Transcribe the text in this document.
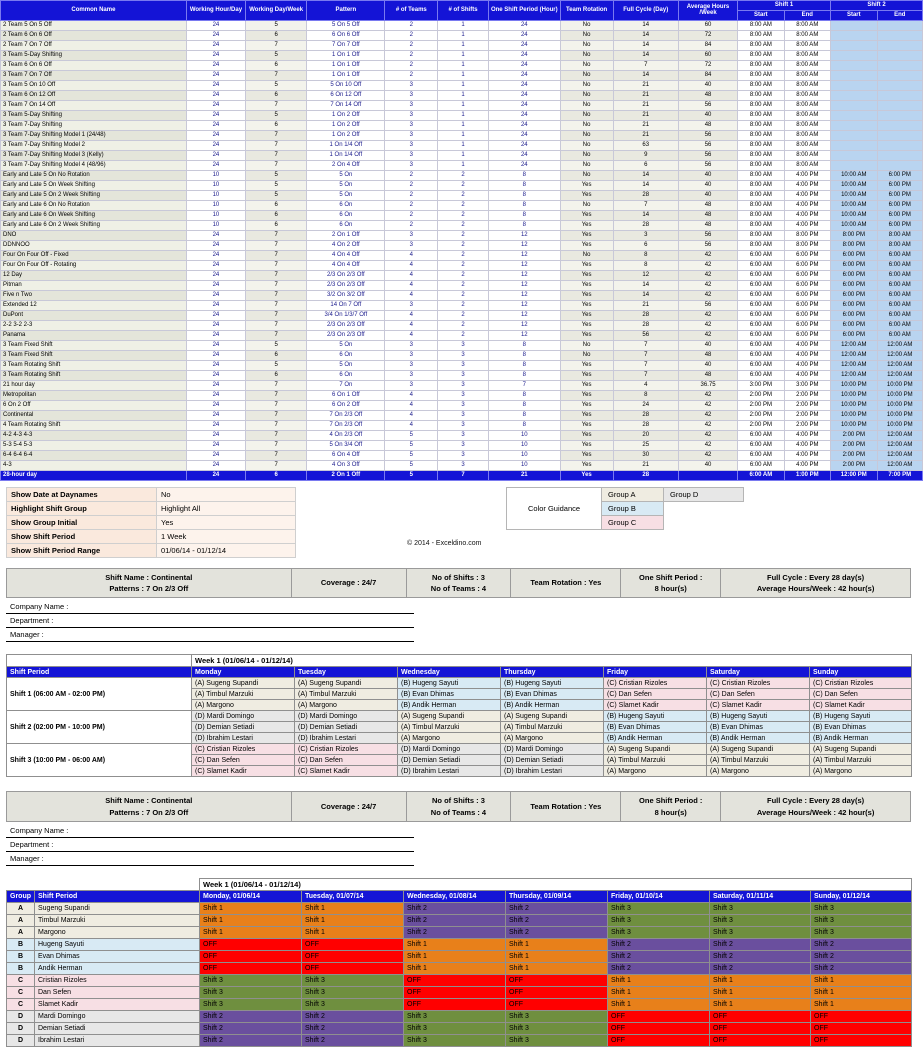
Common Name	Working Hour/Day	Working Day/Week	Pattern	# of Teams	# of Shifts	One Shift Period (Hour)	Team Rotation	Full Cycle (Day)	Average Hours /Week	Shift 1		Shift 2	
										Start	End	Start	End
2 Team 5 On 5 Off	24	5	5 On 5 Off	2	1	24	No	14	60	8:00 AM	8:00 AM		
2 Team 6 On 6 Off	24	6	6 On 6 Off	2	1	24	No	14	72	8:00 AM	8:00 AM		
2 Team 7 On 7 Off	24	7	7 On 7 Off	2	1	24	No	14	84	8:00 AM	8:00 AM		
3 Team 5-Day Shifting	24	5	1 On 1 Off	2	1	24	No	14	60	8:00 AM	8:00 AM		
3 Team 6 On 6 Off	24	6	1 On 1 Off	2	1	24	No	7	72	8:00 AM	8:00 AM		
3 Team 7 On 7 Off	24	7	1 On 1 Off	2	1	24	No	14	84	8:00 AM	8:00 AM		
3 Team 5 On 10 Off	24	5	5 On 10 Off	3	1	24	No	21	40	8:00 AM	8:00 AM		
3 Team 6 On 12 Off	24	6	6 On 12 Off	3	1	24	No	21	48	8:00 AM	8:00 AM		
3 Team 7 On 14 Off	24	7	7 On 14 Off	3	1	24	No	21	56	8:00 AM	8:00 AM		
3 Team 5-Day Shifting	24	5	1 On 2 Off	3	1	24	No	21	40	8:00 AM	8:00 AM		
3 Team 7-Day Shifting	24	6	1 On 2 Off	3	1	24	No	21	48	8:00 AM	8:00 AM		
3 Team 7-Day Shifting Model 1 (24/48)	24	7	1 On 2 Off	3	1	24	No	21	56	8:00 AM	8:00 AM		
3 Team 7-Day Shifting Model 2	24	7	1 On 1/4 Off	3	1	24	No	63	56	8:00 AM	8:00 AM		
3 Team 7-Day Shifting Model 3 (Kelly)	24	7	1 On 1/4 Off	3	1	24	No	9	56	8:00 AM	8:00 AM		
3 Team 7-Day Shifting Model 4 (48/96)	24	7	2 On 4 Off	3	1	24	No	6	56	8:00 AM	8:00 AM		
Early and Late 5 On No Rotation	10	5	5 On	2	2	8	No	14	40	8:00 AM	4:00 PM	10:00 AM	6:00 PM
Early and Late 5 On Week Shifting	10	5	5 On	2	2	8	Yes	14	40	8:00 AM	4:00 PM	10:00 AM	6:00 PM
Early and Late 5 On 2 Week Shifting	10	5	5 On	2	2	8	Yes	28	40	8:00 AM	4:00 PM	10:00 AM	6:00 PM
Early and Late 6 On No Rotation	10	6	6 On	2	2	8	No	7	48	8:00 AM	4:00 PM	10:00 AM	6:00 PM
Early and Late 6 On Week Shifting	10	6	6 On	2	2	8	Yes	14	48	8:00 AM	4:00 PM	10:00 AM	6:00 PM
Early and Late 6 On 2 Week Shifting	10	6	6 On	2	2	8	Yes	28	48	8:00 AM	4:00 PM	10:00 AM	6:00 PM
DNO	24	7	2 On 1 Off	3	2	12	Yes	3	56	8:00 AM	8:00 PM	8:00 PM	8:00 AM
DDNNOO	24	7	4 On 2 Off	3	2	12	Yes	6	56	8:00 AM	8:00 PM	8:00 PM	8:00 AM
Four On Four Off - Fixed	24	7	4 On 4 Off	4	2	12	No	8	42	6:00 AM	6:00 PM	6:00 PM	6:00 AM
Four On Four Off - Rotating	24	7	4 On 4 Off	4	2	12	Yes	8	42	6:00 AM	6:00 PM	6:00 PM	6:00 AM
12 Day	24	7	2/3 On 2/3 Off	4	2	12	Yes	12	42	6:00 AM	6:00 PM	6:00 PM	6:00 AM
Pitman	24	7	2/3 On 2/3 Off	4	2	12	Yes	14	42	6:00 AM	6:00 PM	6:00 PM	6:00 AM
Five n Two	24	7	3/2 On 3/2 Off	4	2	12	Yes	14	42	6:00 AM	6:00 PM	6:00 PM	6:00 AM
Extended 12	24	7	14 On 7 Off	3	2	12	Yes	21	56	6:00 AM	6:00 PM	6:00 PM	6:00 AM
DuPont	24	7	3/4 On 1/3/7 Off	4	2	12	Yes	28	42	6:00 AM	6:00 PM	6:00 PM	6:00 AM
2-2 3-2 2-3	24	7	2/3 On 2/3 Off	4	2	12	Yes	28	42	6:00 AM	6:00 PM	6:00 PM	6:00 AM
Panama	24	7	2/3 On 2/3 Off	4	2	12	Yes	56	42	6:00 AM	6:00 PM	6:00 PM	6:00 AM
3 Team Fixed Shift	24	5	5 On	3	3	8	No	7	40	6:00 AM	4:00 PM	12:00 AM	12:00 AM
3 Team Fixed Shift	24	6	6 On	3	3	8	No	7	48	6:00 AM	4:00 PM	12:00 AM	12:00 AM
3 Team Rotating Shift	24	5	5 On	3	3	8	Yes	7	40	6:00 AM	4:00 PM	12:00 AM	12:00 AM
3 Team Rotating Shift	24	6	6 On	3	3	8	Yes	7	48	6:00 AM	4:00 PM	12:00 AM	12:00 AM
21 hour day	24	7	7 On	3	3	7	Yes	4	36.75	3:00 PM	3:00 PM	10:00 PM	10:00 PM
Metropolitan	24	7	6 On 1 Off	4	3	8	Yes	8	42	2:00 PM	2:00 PM	10:00 PM	10:00 PM
6 On 2 Off	24	7	6 On 2 Off	4	3	8	Yes	24	42	2:00 PM	2:00 PM	10:00 PM	10:00 PM
Continental	24	7	7 On 2/3 Off	4	3	8	Yes	28	42	2:00 PM	2:00 PM	10:00 PM	10:00 PM
4 Team Rotating Shift	24	7	7 On 2/3 Off	4	3	8	Yes	28	42	2:00 PM	2:00 PM	10:00 PM	10:00 PM
4-2 4-3 4-3	24	7	4 On 2/3 Off	5	3	10	Yes	20	42	6:00 AM	4:00 PM	2:00 PM	12:00 AM
5-3 5-4 5-3	24	7	5 On 3/4 Off	5	3	10	Yes	25	42	6:00 AM	4:00 PM	2:00 PM	12:00 AM
6-4 6-4 6-4	24	7	6 On 4 Off	5	3	10	Yes	30	42	6:00 AM	4:00 PM	2:00 PM	12:00 AM
4-3	24	7	4 On 3 Off	5	3	10	Yes	21	40	6:00 AM	4:00 PM	2:00 PM	12:00 AM
28-hour day	24	6	2 On 1 Off	5	7	21	Yes	28		6:00 AM	1:00 PM	12:00 PM	7:00 PM
Show Date at Daynames	No
Highlight Shift Group	Highlight All
Show Group Initial	Yes
Show Shift Period	1 Week
Show Shift Period Range	01/06/14 - 01/12/14
Color Guidance	Group A	Group D
	Group B	
	Group C	
© 2014 - Exceldino.com
Shift Name : Continental
Patterns : 7 On 2/3 Off	Coverage : 24/7	No of Shifts : 3
No of Teams : 4	Team Rotation : Yes	One Shift Period :
8 hour(s)	Full Cycle : Every 28 day(s)
Average Hours/Week : 42 hour(s)
Company Name :		
Department :		
Manager :		
	Week 1 (01/06/14 - 01/12/14)						
Shift Period	Monday	Tuesday	Wednesday	Thursday	Friday	Saturday	Sunday
Shift 1 (06:00 AM - 02:00 PM)	(A) Sugeng Supandi	(A) Sugeng Supandi	(B) Hugeng Sayuti	(B) Hugeng Sayuti	(C) Cristian Rizoles	(C) Cristian Rizoles	(C) Cristian Rizoles
	(A) Timbul Marzuki	(A) Timbul Marzuki	(B) Evan Dhimas	(B) Evan Dhimas	(C) Dan Sefen	(C) Dan Sefen	(C) Dan Sefen
	(A) Margono	(A) Margono	(B) Andik Herman	(B) Andik Herman	(C) Slamet Kadir	(C) Slamet Kadir	(C) Slamet Kadir
Shift 2 (02:00 PM - 10:00 PM)	(D) Mardi Domingo	(D) Mardi Domingo	(A) Sugeng Supandi	(A) Sugeng Supandi	(B) Hugeng Sayuti	(B) Hugeng Sayuti	(B) Hugeng Sayuti
	(D) Demian Setiadi	(D) Demian Setiadi	(A) Timbul Marzuki	(A) Timbul Marzuki	(B) Evan Dhimas	(B) Evan Dhimas	(B) Evan Dhimas
	(D) Ibrahim Lestari	(D) Ibrahim Lestari	(A) Margono	(A) Margono	(B) Andik Herman	(B) Andik Herman	(B) Andik Herman
Shift 3 (10:00 PM - 06:00 AM)	(C) Cristian Rizoles	(C) Cristian Rizoles	(D) Mardi Domingo	(D) Mardi Domingo	(A) Sugeng Supandi	(A) Sugeng Supandi	(A) Sugeng Supandi
	(C) Dan Sefen	(C) Dan Sefen	(D) Demian Setiadi	(D) Demian Setiadi	(A) Timbul Marzuki	(A) Timbul Marzuki	(A) Timbul Marzuki
	(C) Slamet Kadir	(C) Slamet Kadir	(D) Ibrahim Lestari	(D) Ibrahim Lestari	(A) Margono	(A) Margono	(A) Margono
Shift Name : Continental
Patterns : 7 On 2/3 Off	Coverage : 24/7	No of Shifts : 3
No of Teams : 4	Team Rotation : Yes	One Shift Period :
8 hour(s)	Full Cycle : Every 28 day(s)
Average Hours/Week : 42 hour(s)
Company Name :		
Department :		
Manager :		
		Week 1 (01/06/14 - 01/12/14)						
Group	Shift Period	Monday, 01/06/14	Tuesday, 01/07/14	Wednesday, 01/08/14	Thursday, 01/09/14	Friday, 01/10/14	Saturday, 01/11/14	Sunday, 01/12/14
A	Sugeng Supandi	Shift 1	Shift 1	Shift 2	Shift 2	Shift 3	Shift 3	Shift 3
A	Timbul Marzuki	Shift 1	Shift 1	Shift 2	Shift 2	Shift 3	Shift 3	Shift 3
A	Margono	Shift 1	Shift 1	Shift 2	Shift 2	Shift 3	Shift 3	Shift 3
B	Hugeng Sayuti	OFF	OFF	Shift 1	Shift 1	Shift 2	Shift 2	Shift 2
B	Evan Dhimas	OFF	OFF	Shift 1	Shift 1	Shift 2	Shift 2	Shift 2
B	Andik Herman	OFF	OFF	Shift 1	Shift 1	Shift 2	Shift 2	Shift 2
C	Cristian Rizoles	Shift 3	Shift 3	OFF	OFF	Shift 1	Shift 1	Shift 1
C	Dan Sefen	Shift 3	Shift 3	OFF	OFF	Shift 1	Shift 1	Shift 1
C	Slamet Kadir	Shift 3	Shift 3	OFF	OFF	Shift 1	Shift 1	Shift 1
D	Mardi Domingo	Shift 2	Shift 2	Shift 3	Shift 3	OFF	OFF	OFF
D	Demian Setiadi	Shift 2	Shift 2	Shift 3	Shift 3	OFF	OFF	OFF
D	Ibrahim Lestari	Shift 2	Shift 2	Shift 3	Shift 3	OFF	OFF	OFF
